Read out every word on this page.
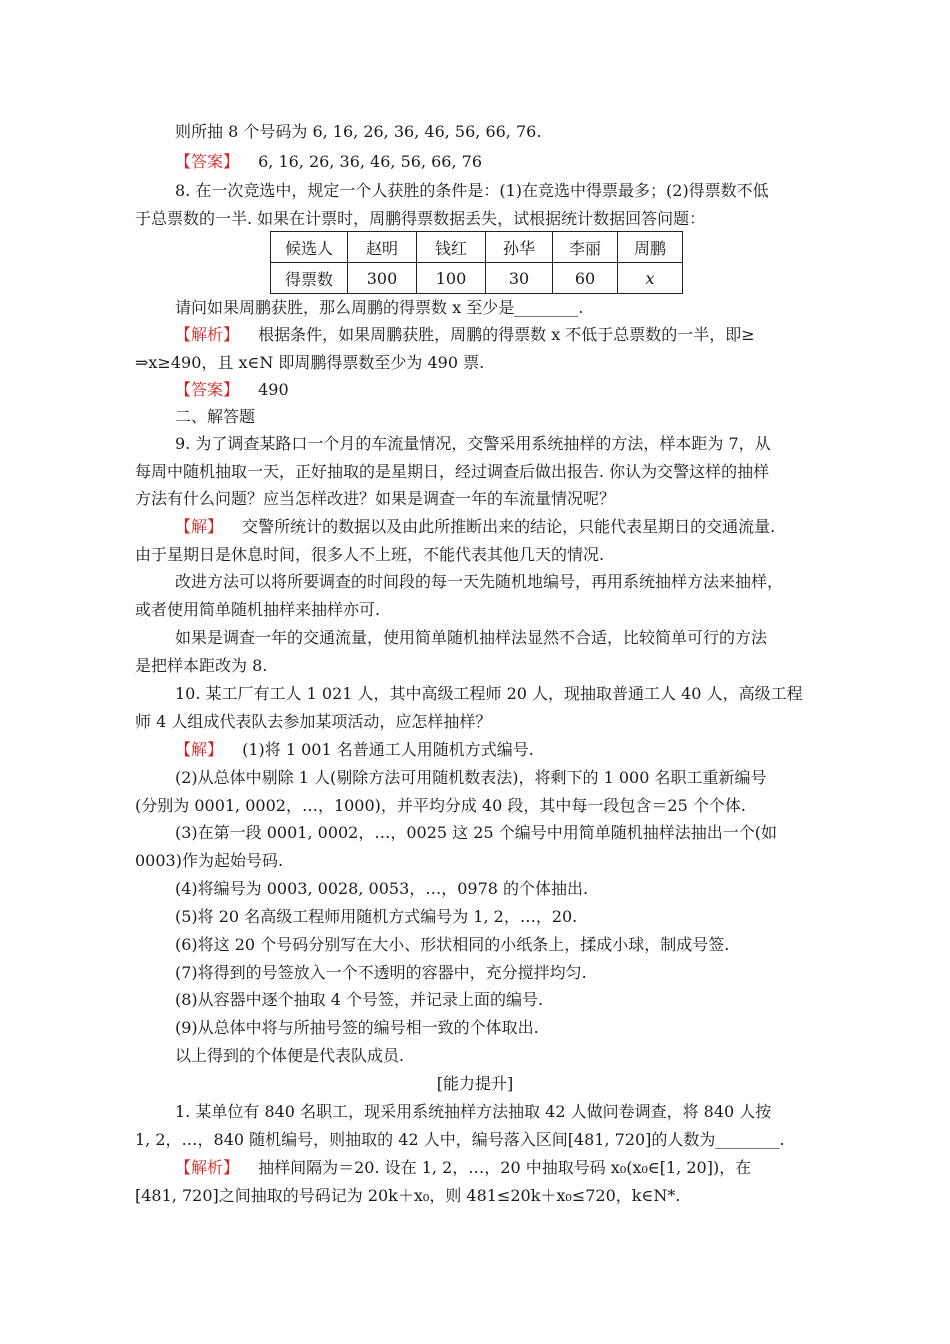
则所抽 8 个号码为 6, 16, 26, 36, 46, 56, 66, 76.
【答案】 6, 16, 26, 36, 46, 56, 66, 76
8. 在一次竞选中，规定一个人获胜的条件是：(1)在竞选中得票最多；(2)得票数不低
于总票数的一半. 如果在计票时，周鹏得票数据丢失，试根据统计数据回答问题：
候选人	赵明	钱红	孙华	李丽	周鹏
得票数	300	100	30	60	x
请问如果周鹏获胜，那么周鹏的得票数 x 至少是________.
【解析】 根据条件，如果周鹏获胜，周鹏的得票数 x 不低于总票数的一半，即≥
⇒x≥490，且 x∈N 即周鹏得票数至少为 490 票.
【答案】 490
二、解答题
9. 为了调查某路口一个月的车流量情况，交警采用系统抽样的方法，样本距为 7，从
每周中随机抽取一天，正好抽取的是星期日，经过调查后做出报告. 你认为交警这样的抽样
方法有什么问题？应当怎样改进？如果是调查一年的车流量情况呢？
【解】 交警所统计的数据以及由此所推断出来的结论，只能代表星期日的交通流量.
由于星期日是休息时间，很多人不上班，不能代表其他几天的情况.
改进方法可以将所要调查的时间段的每一天先随机地编号，再用系统抽样方法来抽样，
或者使用简单随机抽样来抽样亦可.
如果是调查一年的交通流量，使用简单随机抽样法显然不合适，比较简单可行的方法
是把样本距改为 8.
10. 某工厂有工人 1 021 人，其中高级工程师 20 人，现抽取普通工人 40 人，高级工程
师 4 人组成代表队去参加某项活动，应怎样抽样？
【解】 (1)将 1 001 名普通工人用随机方式编号.
(2)从总体中剔除 1 人(剔除方法可用随机数表法)，将剩下的 1 000 名职工重新编号
(分别为 0001, 0002，…，1000)，并平均分成 40 段，其中每一段包含＝25 个个体.
(3)在第一段 0001, 0002，…，0025 这 25 个编号中用简单随机抽样法抽出一个(如
0003)作为起始号码.
(4)将编号为 0003, 0028, 0053，…，0978 的个体抽出.
(5)将 20 名高级工程师用随机方式编号为 1, 2，…，20.
(6)将这 20 个号码分别写在大小、形状相同的小纸条上，揉成小球，制成号签.
(7)将得到的号签放入一个不透明的容器中，充分搅拌均匀.
(8)从容器中逐个抽取 4 个号签，并记录上面的编号.
(9)从总体中将与所抽号签的编号相一致的个体取出.
以上得到的个体便是代表队成员.
[能力提升]
1. 某单位有 840 名职工，现采用系统抽样方法抽取 42 人做问卷调查，将 840 人按
1, 2，…，840 随机编号，则抽取的 42 人中，编号落入区间[481, 720]的人数为________.
【解析】 抽样间隔为＝20. 设在 1, 2，…，20 中抽取号码 x₀(x₀∈[1, 20])，在
[481, 720]之间抽取的号码记为 20k＋x₀，则 481≤20k＋x₀≤720，k∈N*.
